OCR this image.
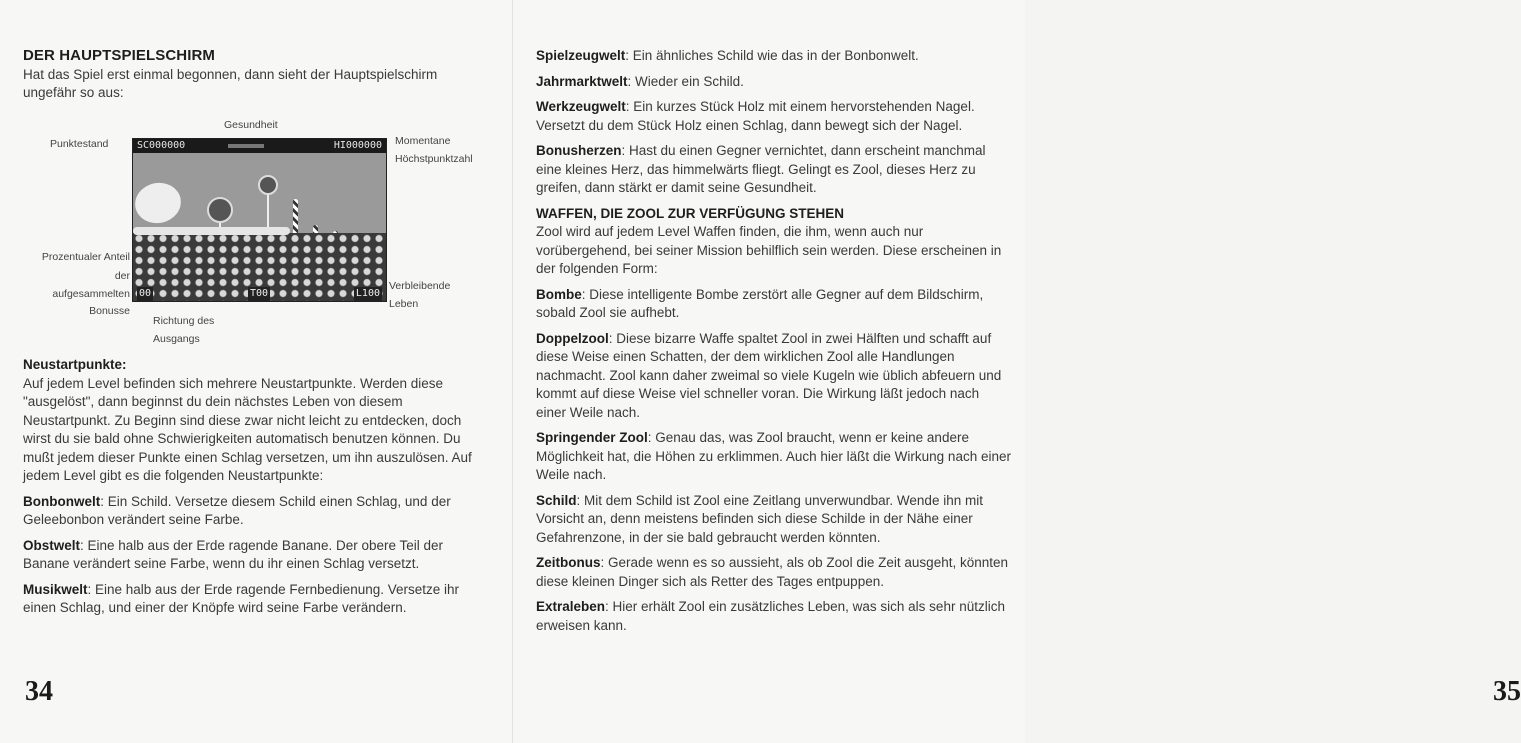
DER HAUPTSPIELSCHIRM

Hat das Spiel erst einmal begonnen, dann sieht der Hauptspielschirm ungefähr so aus:

Gesundheit
Punktestand	Momentane
Höchstpunktzahl
Prozentualer Anteil
der
aufgesammelten
Bonusse
Richtung des
Ausgangs
Verbleibende
Leben
SC000000	HI000000
00	T00	L100

Neustartpunkte:

Auf jedem Level befinden sich mehrere Neustartpunkte. Werden diese "ausgelöst", dann beginnst du dein nächstes Leben von diesem Neustartpunkt. Zu Beginn sind diese zwar nicht leicht zu entdecken, doch wirst du sie bald ohne Schwierigkeiten automatisch benutzen können. Du mußt jedem dieser Punkte einen Schlag versetzen, um ihn auszulösen. Auf jedem Level gibt es die folgenden Neustartpunkte:

Bonbonwelt: Ein Schild. Versetze diesem Schild einen Schlag, und der Geleebonbon verändert seine Farbe.

Obstwelt: Eine halb aus der Erde ragende Banane. Der obere Teil der Banane verändert seine Farbe, wenn du ihr einen Schlag versetzt.

Musikwelt: Eine halb aus der Erde ragende Fernbedienung. Versetze ihr einen Schlag, und einer der Knöpfe wird seine Farbe verändern.

34	35

Spielzeugwelt: Ein ähnliches Schild wie das in der Bonbonwelt.

Jahrmarktwelt: Wieder ein Schild.

Werkzeugwelt: Ein kurzes Stück Holz mit einem hervorstehenden Nagel. Versetzt du dem Stück Holz einen Schlag, dann bewegt sich der Nagel.

Bonusherzen: Hast du einen Gegner vernichtet, dann erscheint manchmal eine kleines Herz, das himmelwärts fliegt. Gelingt es Zool, dieses Herz zu greifen, dann stärkt er damit seine Gesundheit.

WAFFEN, DIE ZOOL ZUR VERFÜGUNG STEHEN

Zool wird auf jedem Level Waffen finden, die ihm, wenn auch nur vorübergehend, bei seiner Mission behilflich sein werden. Diese erscheinen in der folgenden Form:

Bombe: Diese intelligente Bombe zerstört alle Gegner auf dem Bildschirm, sobald Zool sie aufhebt.

Doppelzool: Diese bizarre Waffe spaltet Zool in zwei Hälften und schafft auf diese Weise einen Schatten, der dem wirklichen Zool alle Handlungen nachmacht. Zool kann daher zweimal so viele Kugeln wie üblich abfeuern und kommt auf diese Weise viel schneller voran. Die Wirkung läßt jedoch nach einer Weile nach.

Springender Zool: Genau das, was Zool braucht, wenn er keine andere Möglichkeit hat, die Höhen zu erklimmen. Auch hier läßt die Wirkung nach einer Weile nach.

Schild: Mit dem Schild ist Zool eine Zeitlang unverwundbar. Wende ihn mit Vorsicht an, denn meistens befinden sich diese Schilde in der Nähe einer Gefahrenzone, in der sie bald gebraucht werden könnten.

Zeitbonus: Gerade wenn es so aussieht, als ob Zool die Zeit ausgeht, könnten diese kleinen Dinger sich als Retter des Tages entpuppen.

Extraleben: Hier erhält Zool ein zusätzliches Leben, was sich als sehr nützlich erweisen kann.
